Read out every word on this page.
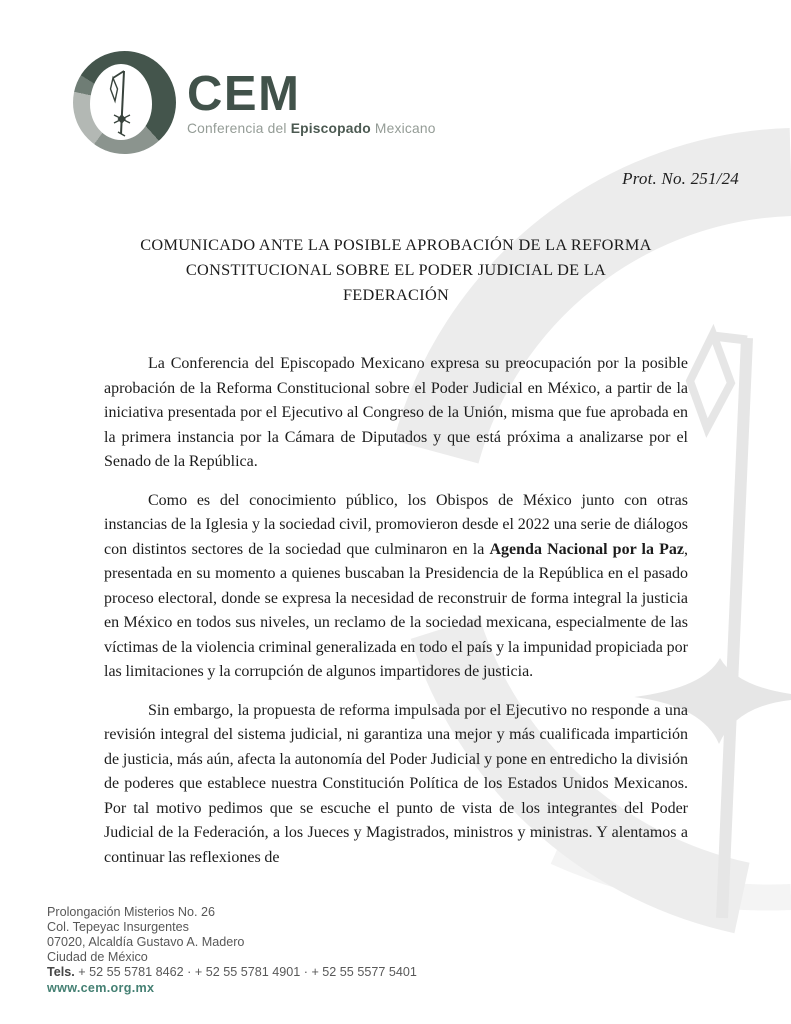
CEM
Conferencia del Episcopado Mexicano
Prot. No. 251/24
COMUNICADO ANTE LA POSIBLE APROBACIÓN DE LA REFORMA
CONSTITUCIONAL SOBRE EL PODER JUDICIAL DE LA
FEDERACIÓN

La Conferencia del Episcopado Mexicano expresa su preocupación por la posible aprobación de la Reforma Constitucional sobre el Poder Judicial en México, a partir de la iniciativa presentada por el Ejecutivo al Congreso de la Unión, misma que fue aprobada en la primera instancia por la Cámara de Diputados y que está próxima a analizarse por el Senado de la República.

Como es del conocimiento público, los Obispos de México junto con otras instancias de la Iglesia y la sociedad civil, promovieron desde el 2022 una serie de diálogos con distintos sectores de la sociedad que culminaron en la Agenda Nacional por la Paz, presentada en su momento a quienes buscaban la Presidencia de la República en el pasado proceso electoral, donde se expresa la necesidad de reconstruir de forma integral la justicia en México en todos sus niveles, un reclamo de la sociedad mexicana, especialmente de las víctimas de la violencia criminal generalizada en todo el país y la impunidad propiciada por las limitaciones y la corrupción de algunos impartidores de justicia.

Sin embargo, la propuesta de reforma impulsada por el Ejecutivo no responde a una revisión integral del sistema judicial, ni garantiza una mejor y más cualificada impartición de justicia, más aún, afecta la autonomía del Poder Judicial y pone en entredicho la división de poderes que establece nuestra Constitución Política de los Estados Unidos Mexicanos. Por tal motivo pedimos que se escuche el punto de vista de los integrantes del Poder Judicial de la Federación, a los Jueces y Magistrados, ministros y ministras. Y alentamos a continuar las reflexiones de

Prolongación Misterios No. 26
Col. Tepeyac Insurgentes
07020, Alcaldía Gustavo A. Madero
Ciudad de México
Tels. + 52 55 5781 8462 · + 52 55 5781 4901 · + 52 55 5577 5401
www.cem.org.mx
